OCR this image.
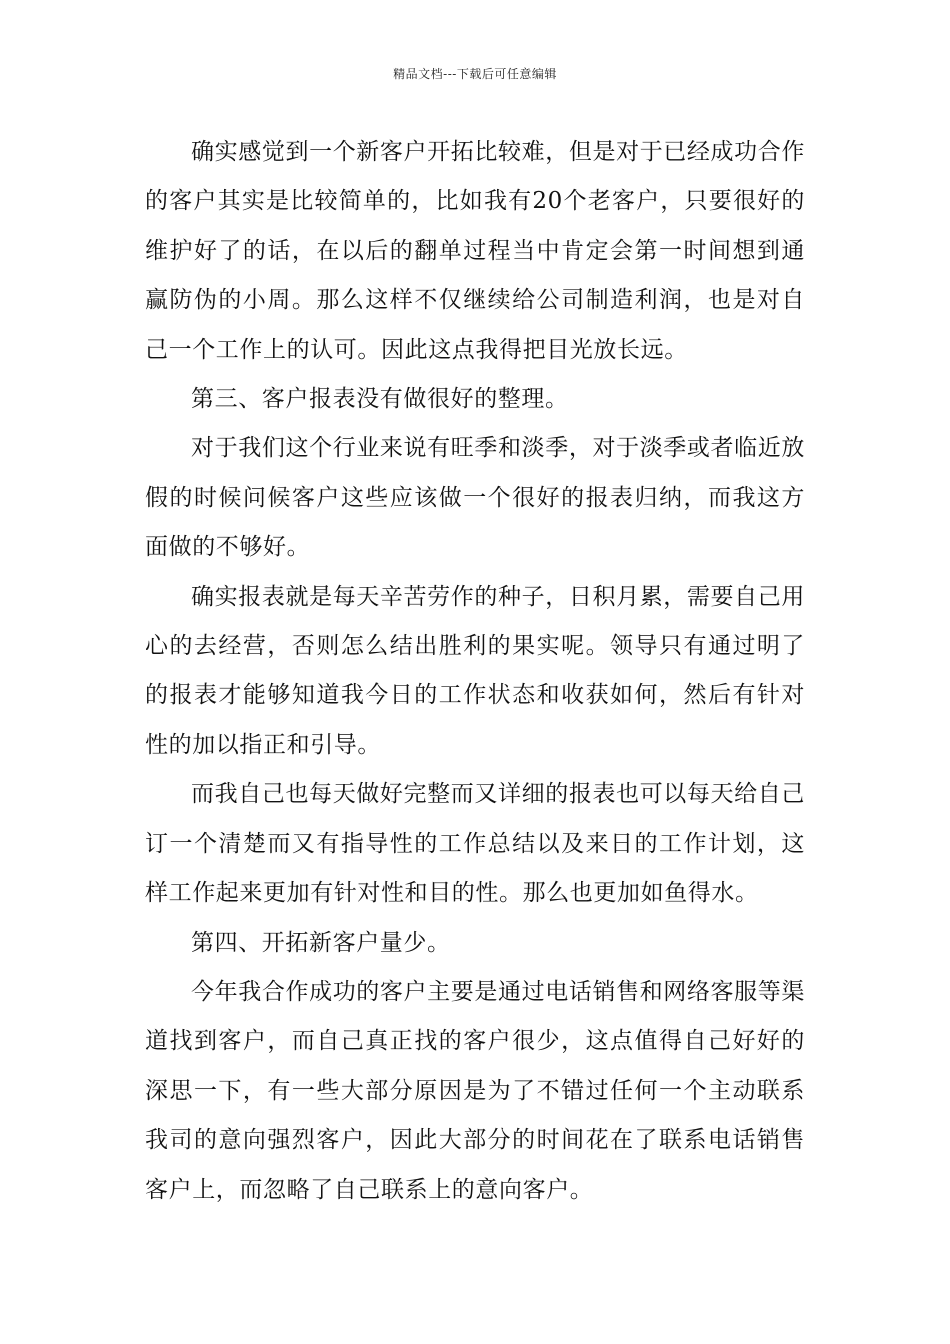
精品文档---下载后可任意编辑

确实感觉到一个新客户开拓比较难，但是对于已经成功合作的客户其实是比较简单的，比如我有20个老客户，只要很好的维护好了的话，在以后的翻单过程当中肯定会第一时间想到通赢防伪的小周。那么这样不仅继续给公司制造利润，也是对自己一个工作上的认可。因此这点我得把目光放长远。

第三、客户报表没有做很好的整理。

对于我们这个行业来说有旺季和淡季，对于淡季或者临近放假的时候问候客户这些应该做一个很好的报表归纳，而我这方面做的不够好。

确实报表就是每天辛苦劳作的种子，日积月累，需要自己用心的去经营，否则怎么结出胜利的果实呢。领导只有通过明了的报表才能够知道我今日的工作状态和收获如何，然后有针对性的加以指正和引导。

而我自己也每天做好完整而又详细的报表也可以每天给自己订一个清楚而又有指导性的工作总结以及来日的工作计划，这样工作起来更加有针对性和目的性。那么也更加如鱼得水。

第四、开拓新客户量少。

今年我合作成功的客户主要是通过电话销售和网络客服等渠道找到客户，而自己真正找的客户很少，这点值得自己好好的深思一下，有一些大部分原因是为了不错过任何一个主动联系我司的意向强烈客户，因此大部分的时间花在了联系电话销售客户上，而忽略了自己联系上的意向客户。
